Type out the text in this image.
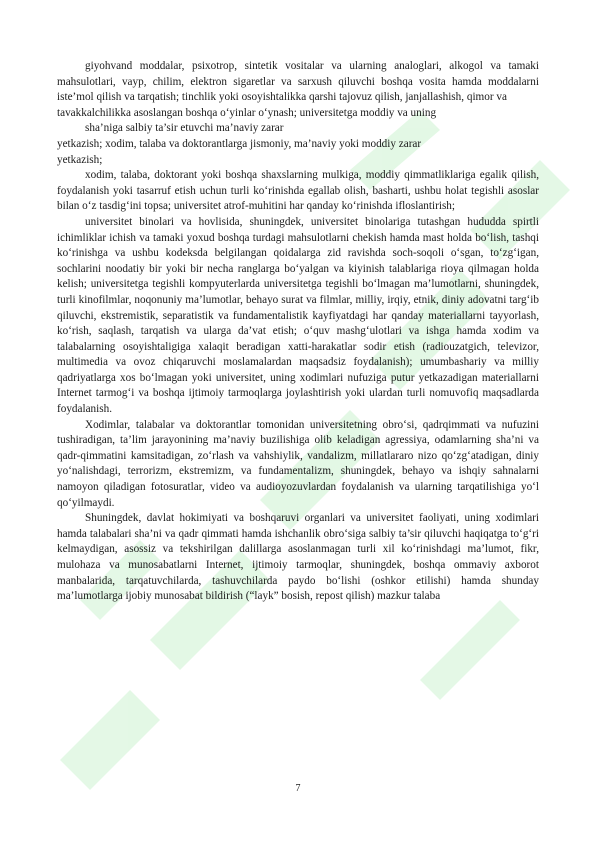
giyohvand moddalar, psixotrop, sintetik vositalar va ularning analoglari, alkogol va tamaki mahsulotlari, vayp, chilim, elektron sigaretlar va sarxush qiluvchi boshqa vosita hamda moddalarni iste’mol qilish va tarqatish; tinchlik yoki osoyishtalikka qarshi tajovuz qilish, janjallashish, qimor va

tavakkalchilikka asoslangan boshqa o‘yinlar o‘ynash; universitetga moddiy va uning

sha’niga salbiy ta’sir etuvchi ma’naviy zarar

yetkazish; xodim, talaba va doktorantlarga jismoniy, ma’naviy yoki moddiy zarar

yetkazish;

xodim, talaba, doktorant yoki boshqa shaxslarning mulkiga, moddiy qimmatliklariga egalik qilish, foydalanish yoki tasarruf etish uchun turli ko‘rinishda egallab olish, basharti, ushbu holat tegishli asoslar bilan o‘z tasdig‘ini topsa; universitet atrof-muhitini har qanday ko‘rinishda ifloslantirish;

universitet binolari va hovlisida, shuningdek, universitet binolariga tutashgan hududda spirtli ichimliklar ichish va tamaki yoxud boshqa turdagi mahsulotlarni chekish hamda mast holda bo‘lish, tashqi ko‘rinishga va ushbu kodeksda belgilangan qoidalarga zid ravishda soch-soqoli o‘sgan, to‘zg‘igan, sochlarini noodatiy bir yoki bir necha ranglarga bo‘yalgan va kiyinish talablariga rioya qilmagan holda kelish; universitetga tegishli kompyuterlarda universitetga tegishli bo‘lmagan ma’lumotlarni, shuningdek, turli kinofilmlar, noqonuniy ma’lumotlar, behayo surat va filmlar, milliy, irqiy, etnik, diniy adovatni targ‘ib qiluvchi, ekstremistik, separatistik va fundamentalistik kayfiyatdagi har qanday materiallarni tayyorlash, ko‘rish, saqlash, tarqatish va ularga da’vat etish; o‘quv mashg‘ulotlari va ishga hamda xodim va talabalarning osoyishtaligiga xalaqit beradigan xatti-harakatlar sodir etish (radiouzatgich, televizor, multimedia va ovoz chiqaruvchi moslamalardan maqsadsiz foydalanish); umumbashariy va milliy qadriyatlarga xos bo‘lmagan yoki universitet, uning xodimlari nufuziga putur yetkazadigan materiallarni Internet tarmog‘i va boshqa ijtimoiy tarmoqlarga joylashtirish yoki ulardan turli nomuvofiq maqsadlarda foydalanish.

Xodimlar, talabalar va doktorantlar tomonidan universitetning obro‘si, qadrqimmati va nufuzini tushiradigan, ta’lim jarayonining ma’naviy buzilishiga olib keladigan agressiya, odamlarning sha’ni va qadr-qimmatini kamsitadigan, zo‘rlash va vahshiylik, vandalizm, millatlararo nizo qo‘zg‘atadigan, diniy yo‘nalishdagi, terrorizm, ekstremizm, va fundamentalizm, shuningdek, behayo va ishqiy sahnalarni namoyon qiladigan fotosuratlar, video va audioyozuvlardan foydalanish va ularning tarqatilishiga yo‘l qo‘yilmaydi.

Shuningdek, davlat hokimiyati va boshqaruvi organlari va universitet faoliyati, uning xodimlari hamda talabalari sha’ni va qadr qimmati hamda ishchanlik obro‘siga salbiy ta’sir qiluvchi haqiqatga to‘g‘ri kelmaydigan, asossiz va tekshirilgan dalillarga asoslanmagan turli xil ko‘rinishdagi ma’lumot, fikr, mulohaza va munosabatlarni Internet, ijtimoiy tarmoqlar, shuningdek, boshqa ommaviy axborot manbalarida, tarqatuvchilarda, tashuvchilarda paydo bo‘lishi (oshkor etilishi) hamda shunday ma’lumotlarga ijobiy munosabat bildirish (“layk” bosish, repost qilish) mazkur talaba

7
